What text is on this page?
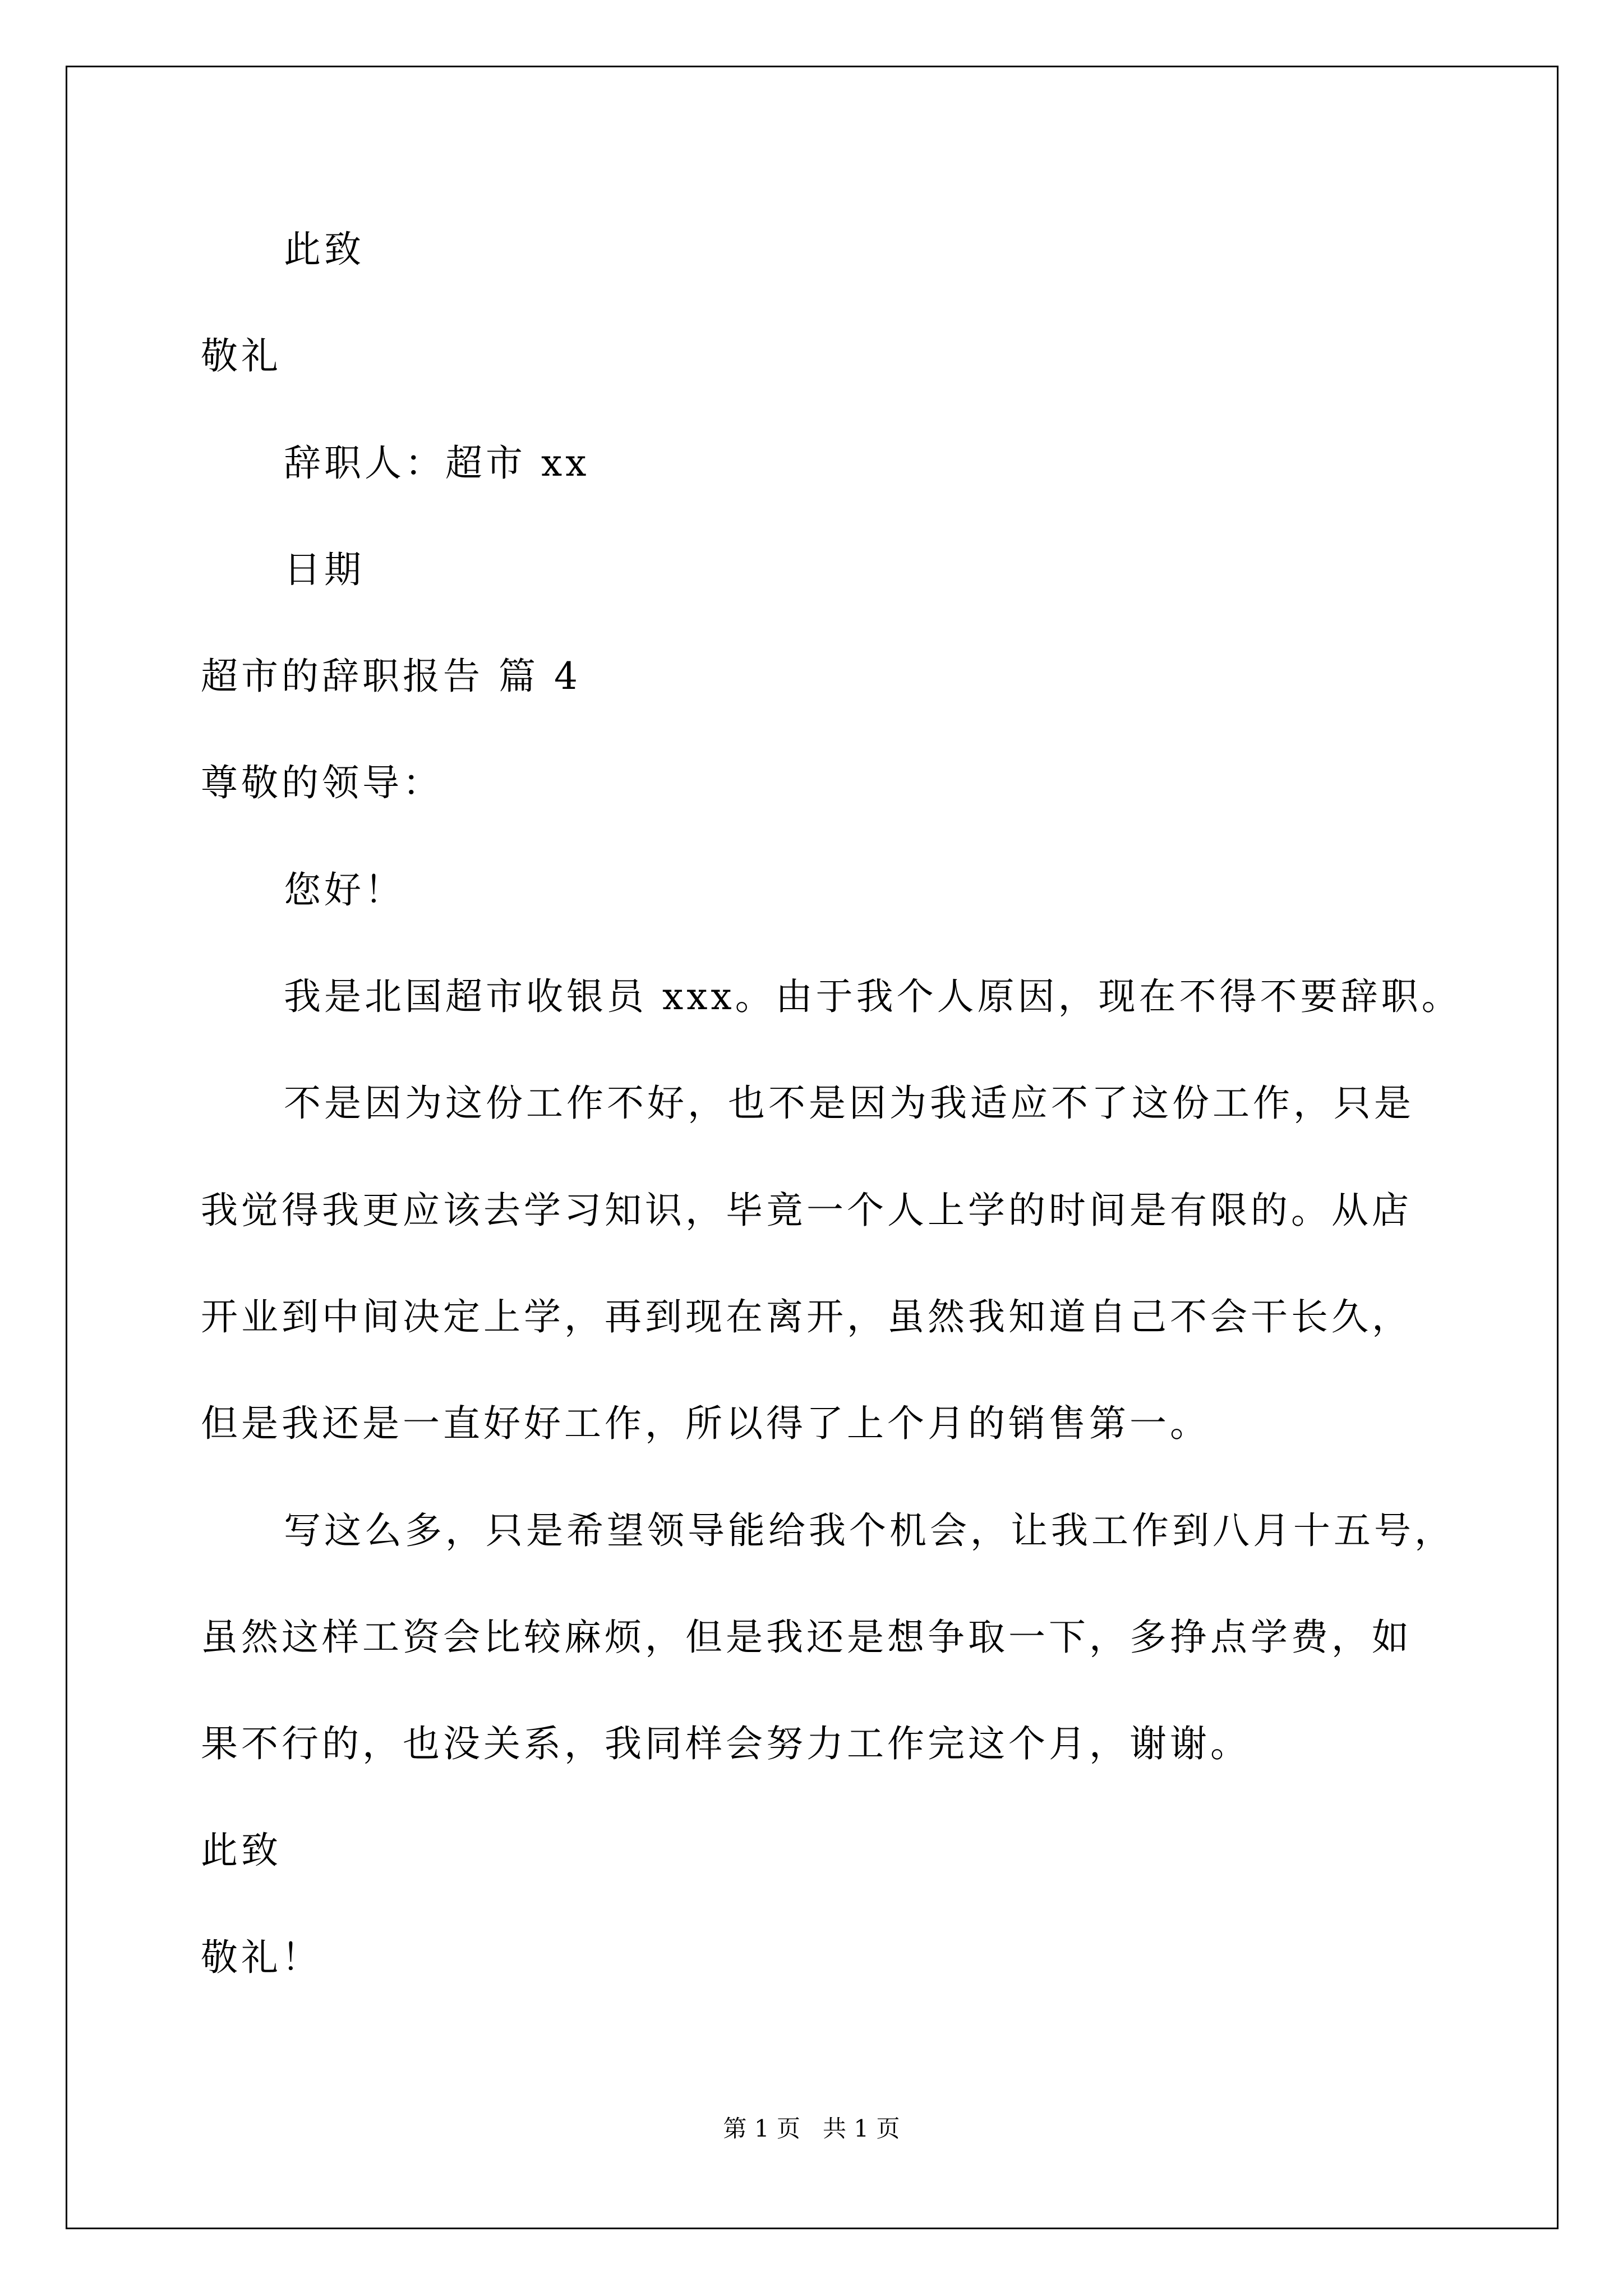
此致
敬礼
辞职人：超市 xx
日期
超市的辞职报告 篇 4
尊敬的领导：
您好！
我是北国超市收银员 xxx。由于我个人原因，现在不得不要辞职。
不是因为这份工作不好，也不是因为我适应不了这份工作，只是
我觉得我更应该去学习知识，毕竟一个人上学的时间是有限的。从店
开业到中间决定上学，再到现在离开，虽然我知道自己不会干长久，
但是我还是一直好好工作，所以得了上个月的销售第一。
写这么多，只是希望领导能给我个机会，让我工作到八月十五号，
虽然这样工资会比较麻烦，但是我还是想争取一下，多挣点学费，如
果不行的，也没关系，我同样会努力工作完这个月，谢谢。
此致
敬礼！
第 1 页   共 1 页
